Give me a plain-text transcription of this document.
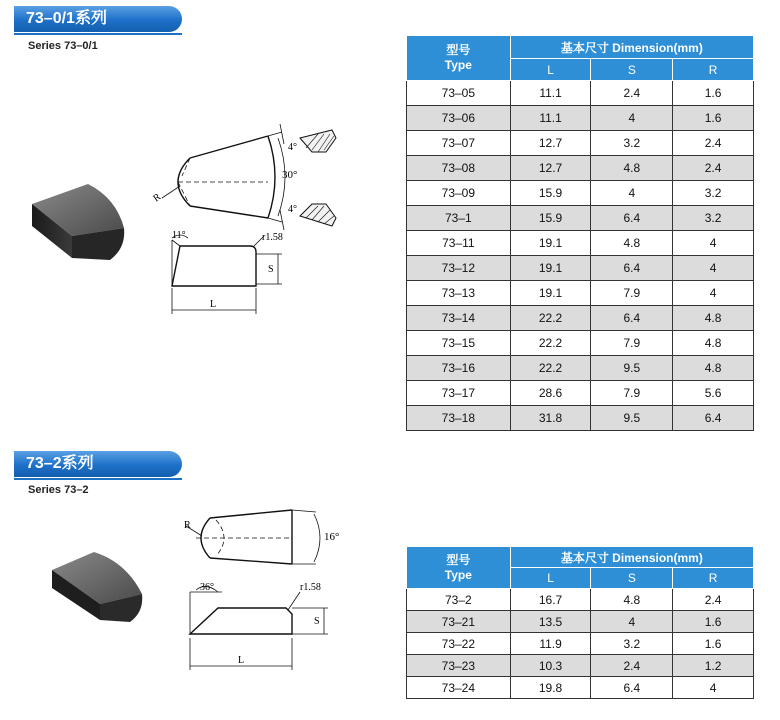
73–0/1系列
Series 73–0/1
4°
30°
4°
R
11°	r1.58
S
L
型号
Type	基本尺寸 Dimension(mm)		
	L	S	R
73–05	11.1	2.4	1.6
73–06	11.1	4	1.6
73–07	12.7	3.2	2.4
73–08	12.7	4.8	2.4
73–09	15.9	4	3.2
73–1	15.9	6.4	3.2
73–11	19.1	4.8	4
73–12	19.1	6.4	4
73–13	19.1	7.9	4
73–14	22.2	6.4	4.8
73–15	22.2	7.9	4.8
73–16	22.2	9.5	4.8
73–17	28.6	7.9	5.6
73–18	31.8	9.5	6.4
73–2系列
Series 73–2
R
16°
36°	r1.58
S
L
型号
Type	基本尺寸 Dimension(mm)		
	L	S	R
73–2	16.7	4.8	2.4
73–21	13.5	4	1.6
73–22	11.9	3.2	1.6
73–23	10.3	2.4	1.2
73–24	19.8	6.4	4
